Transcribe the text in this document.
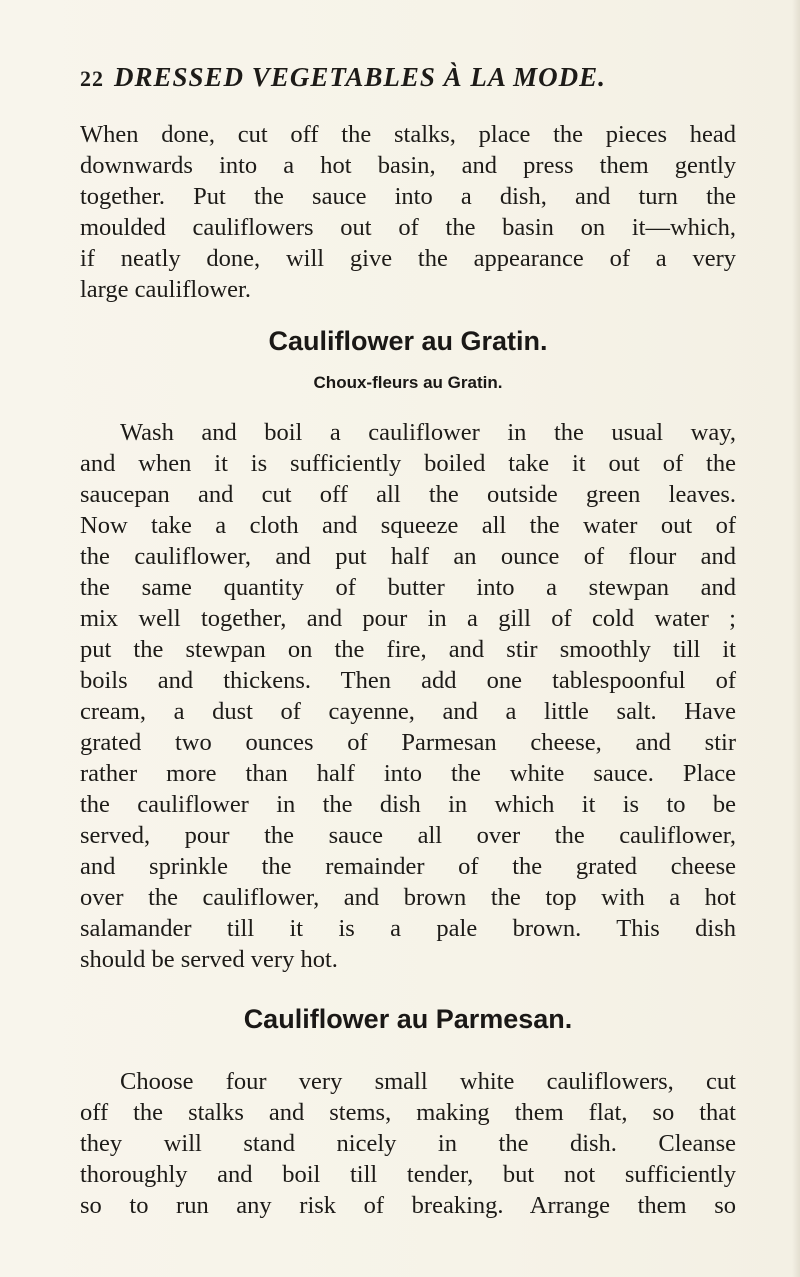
22 DRESSED VEGETABLES À LA MODE.
When done, cut off the stalks, place the pieces head
downwards into a hot basin, and press them gently
together. Put the sauce into a dish, and turn the
moulded cauliflowers out of the basin on it—which,
if neatly done, will give the appearance of a very
large cauliflower.
Cauliflower au Gratin.
Choux-fleurs au Gratin.
Wash and boil a cauliflower in the usual way,
and when it is sufficiently boiled take it out of the
saucepan and cut off all the outside green leaves.
Now take a cloth and squeeze all the water out of
the cauliflower, and put half an ounce of flour and
the same quantity of butter into a stewpan and
mix well together, and pour in a gill of cold water ;
put the stewpan on the fire, and stir smoothly till it
boils and thickens. Then add one tablespoonful of
cream, a dust of cayenne, and a little salt. Have
grated two ounces of Parmesan cheese, and stir
rather more than half into the white sauce. Place
the cauliflower in the dish in which it is to be
served, pour the sauce all over the cauliflower,
and sprinkle the remainder of the grated cheese
over the cauliflower, and brown the top with a hot
salamander till it is a pale brown. This dish
should be served very hot.
Cauliflower au Parmesan.
Choose four very small white cauliflowers, cut
off the stalks and stems, making them flat, so that
they will stand nicely in the dish. Cleanse
thoroughly and boil till tender, but not sufficiently
so to run any risk of breaking. Arrange them so
